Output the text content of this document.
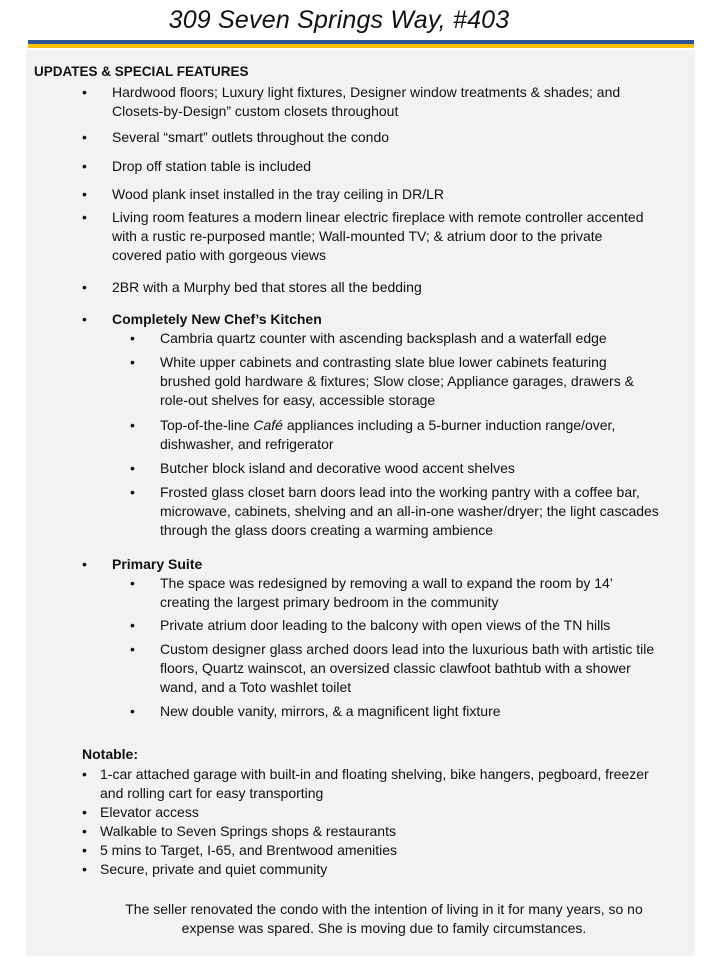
309 Seven Springs Way, #403
UPDATES & SPECIAL FEATURES
• Hardwood floors; Luxury light fixtures, Designer window treatments & shades; and
Closets-by-Design” custom closets throughout
• Several “smart” outlets throughout the condo
• Drop off station table is included
• Wood plank inset installed in the tray ceiling in DR/LR
• Living room features a modern linear electric fireplace with remote controller accented
with a rustic re-purposed mantle; Wall-mounted TV; & atrium door to the private
covered patio with gorgeous views
• 2BR with a Murphy bed that stores all the bedding
• Completely New Chef’s Kitchen
• Cambria quartz counter with ascending backsplash and a waterfall edge
• White upper cabinets and contrasting slate blue lower cabinets featuring
brushed gold hardware & fixtures; Slow close; Appliance garages, drawers &
role-out shelves for easy, accessible storage
• Top-of-the-line Café appliances including a 5-burner induction range/over,
dishwasher, and refrigerator
• Butcher block island and decorative wood accent shelves
• Frosted glass closet barn doors lead into the working pantry with a coffee bar,
microwave, cabinets, shelving and an all-in-one washer/dryer; the light cascades
through the glass doors creating a warming ambience
• Primary Suite
• The space was redesigned by removing a wall to expand the room by 14’
creating the largest primary bedroom in the community
• Private atrium door leading to the balcony with open views of the TN hills
• Custom designer glass arched doors lead into the luxurious bath with artistic tile
floors, Quartz wainscot, an oversized classic clawfoot bathtub with a shower
wand, and a Toto washlet toilet
• New double vanity, mirrors, & a magnificent light fixture
Notable:
• 1-car attached garage with built-in and floating shelving, bike hangers, pegboard, freezer
and rolling cart for easy transporting
• Elevator access
• Walkable to Seven Springs shops & restaurants
• 5 mins to Target, I-65, and Brentwood amenities
• Secure, private and quiet community
The seller renovated the condo with the intention of living in it for many years, so no
expense was spared. She is moving due to family circumstances.
